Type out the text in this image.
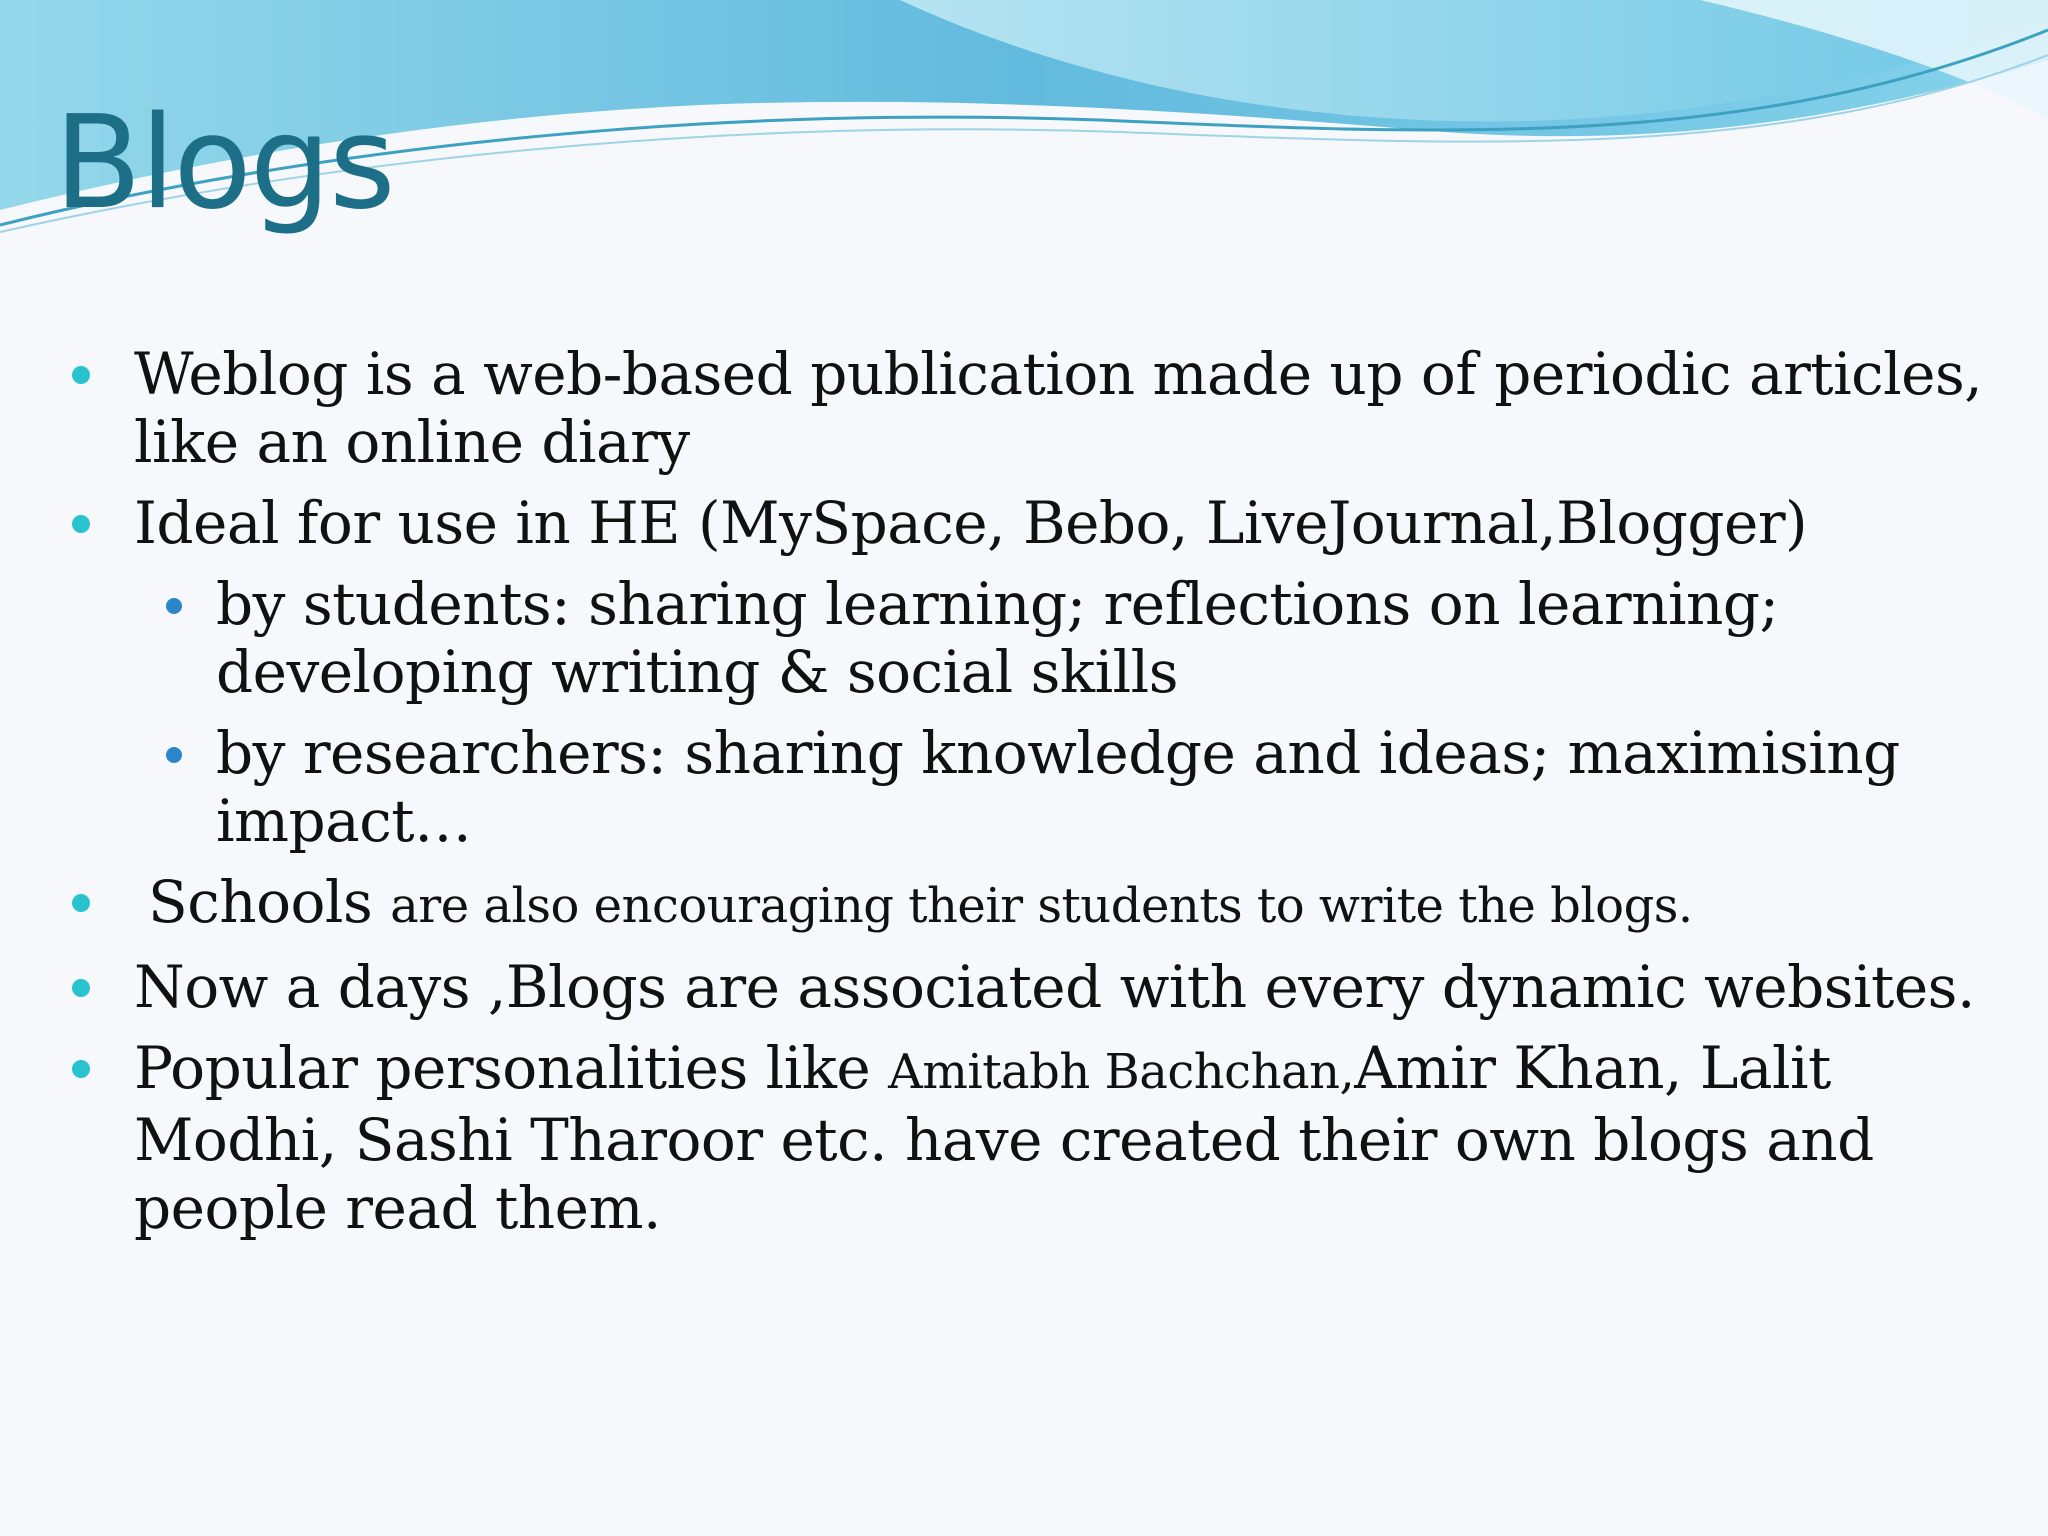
Blogs
Weblog is a web-based publication made up of periodic articles, like an online diary
Ideal for use in HE (MySpace, Bebo, LiveJournal,Blogger)
by students: sharing learning; reflections on learning; developing writing & social skills
by researchers: sharing knowledge and ideas; maximising impact…
Schools are also encouraging their students to write the blogs.
Now a days ,Blogs are associated with every dynamic websites.
Popular personalities like Amitabh Bachchan,Amir Khan, Lalit Modhi, Sashi Tharoor etc. have created their own blogs and people read them.
